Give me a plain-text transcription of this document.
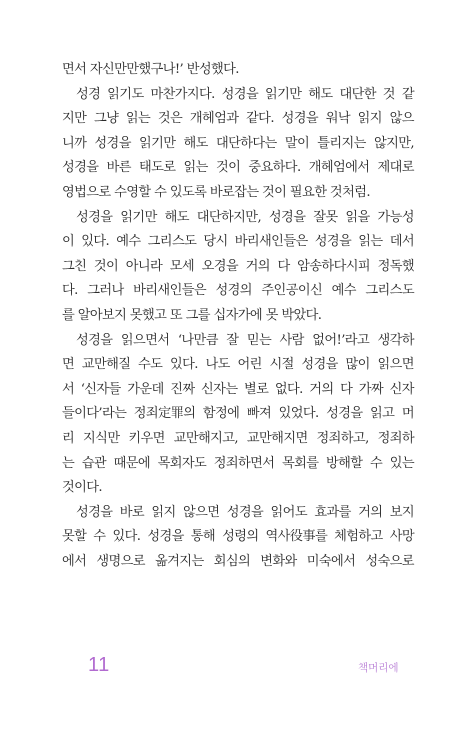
면서 자신만만했구나!’ 반성했다.
성경 읽기도 마찬가지다. 성경을 읽기만 해도 대단한 것 같
지만 그냥 읽는 것은 개헤엄과 같다. 성경을 워낙 읽지 않으
니까 성경을 읽기만 해도 대단하다는 말이 틀리지는 않지만,
성경을 바른 태도로 읽는 것이 중요하다. 개헤엄에서 제대로
영법으로 수영할 수 있도록 바로잡는 것이 필요한 것처럼.
성경을 읽기만 해도 대단하지만, 성경을 잘못 읽을 가능성
이 있다. 예수 그리스도 당시 바리새인들은 성경을 읽는 데서
그친 것이 아니라 모세 오경을 거의 다 암송하다시피 정독했
다. 그러나 바리새인들은 성경의 주인공이신 예수 그리스도
를 알아보지 못했고 또 그를 십자가에 못 박았다.
성경을 읽으면서 ‘나만큼 잘 믿는 사람 없어!’라고 생각하
면 교만해질 수도 있다. 나도 어린 시절 성경을 많이 읽으면
서 ‘신자들 가운데 진짜 신자는 별로 없다. 거의 다 가짜 신자
들이다’라는 정죄定罪의 함정에 빠져 있었다. 성경을 읽고 머
리 지식만 키우면 교만해지고, 교만해지면 정죄하고, 정죄하
는 습관 때문에 목회자도 정죄하면서 목회를 방해할 수 있는
것이다.
성경을 바로 읽지 않으면 성경을 읽어도 효과를 거의 보지
못할 수 있다. 성경을 통해 성령의 역사役事를 체험하고 사망
에서 생명으로 옮겨지는 회심의 변화와 미숙에서 성숙으로
11	책머리에
